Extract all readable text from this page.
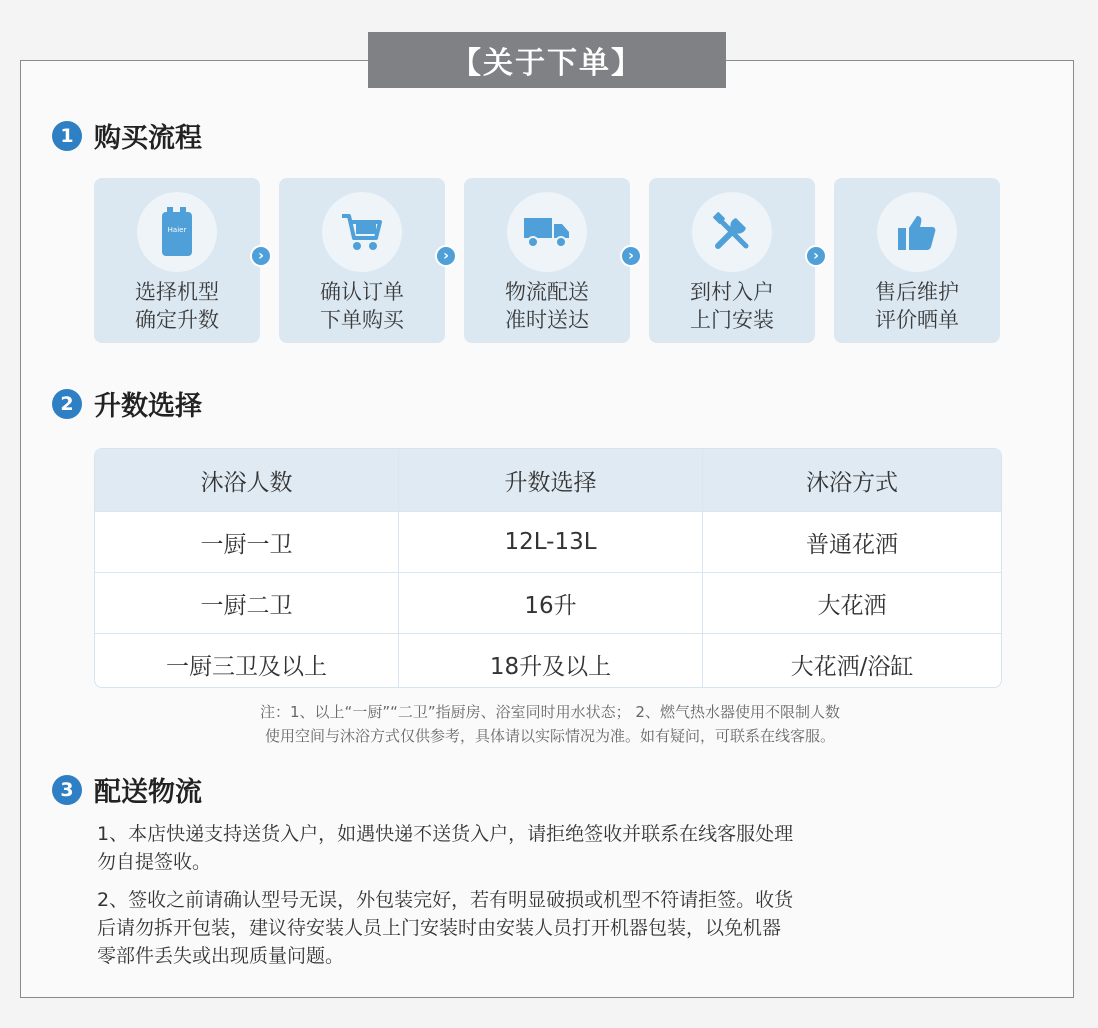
【关于下单】
1 购买流程
Haier
选择机型
确定升数
›
确认订单
下单购买
›
物流配送
准时送达
›
到村入户
上门安装
›
售后维护
评价晒单
2 升数选择
沐浴人数	升数选择	沐浴方式
一厨一卫	12L-13L	普通花洒
一厨二卫	16升	大花洒
一厨三卫及以上	18升及以上	大花洒/浴缸
注：1、以上“一厨”“二卫”指厨房、浴室同时用水状态； 2、燃气热水器使用不限制人数
使用空间与沐浴方式仅供参考，具体请以实际情况为准。如有疑问，可联系在线客服。
3 配送物流
1、本店快递支持送货入户，如遇快递不送货入户，请拒绝签收并联系在线客服处理
勿自提签收。
2、签收之前请确认型号无误，外包装完好，若有明显破损或机型不符请拒签。收货
后请勿拆开包装，建议待安装人员上门安装时由安装人员打开机器包装，以免机器
零部件丢失或出现质量问题。
